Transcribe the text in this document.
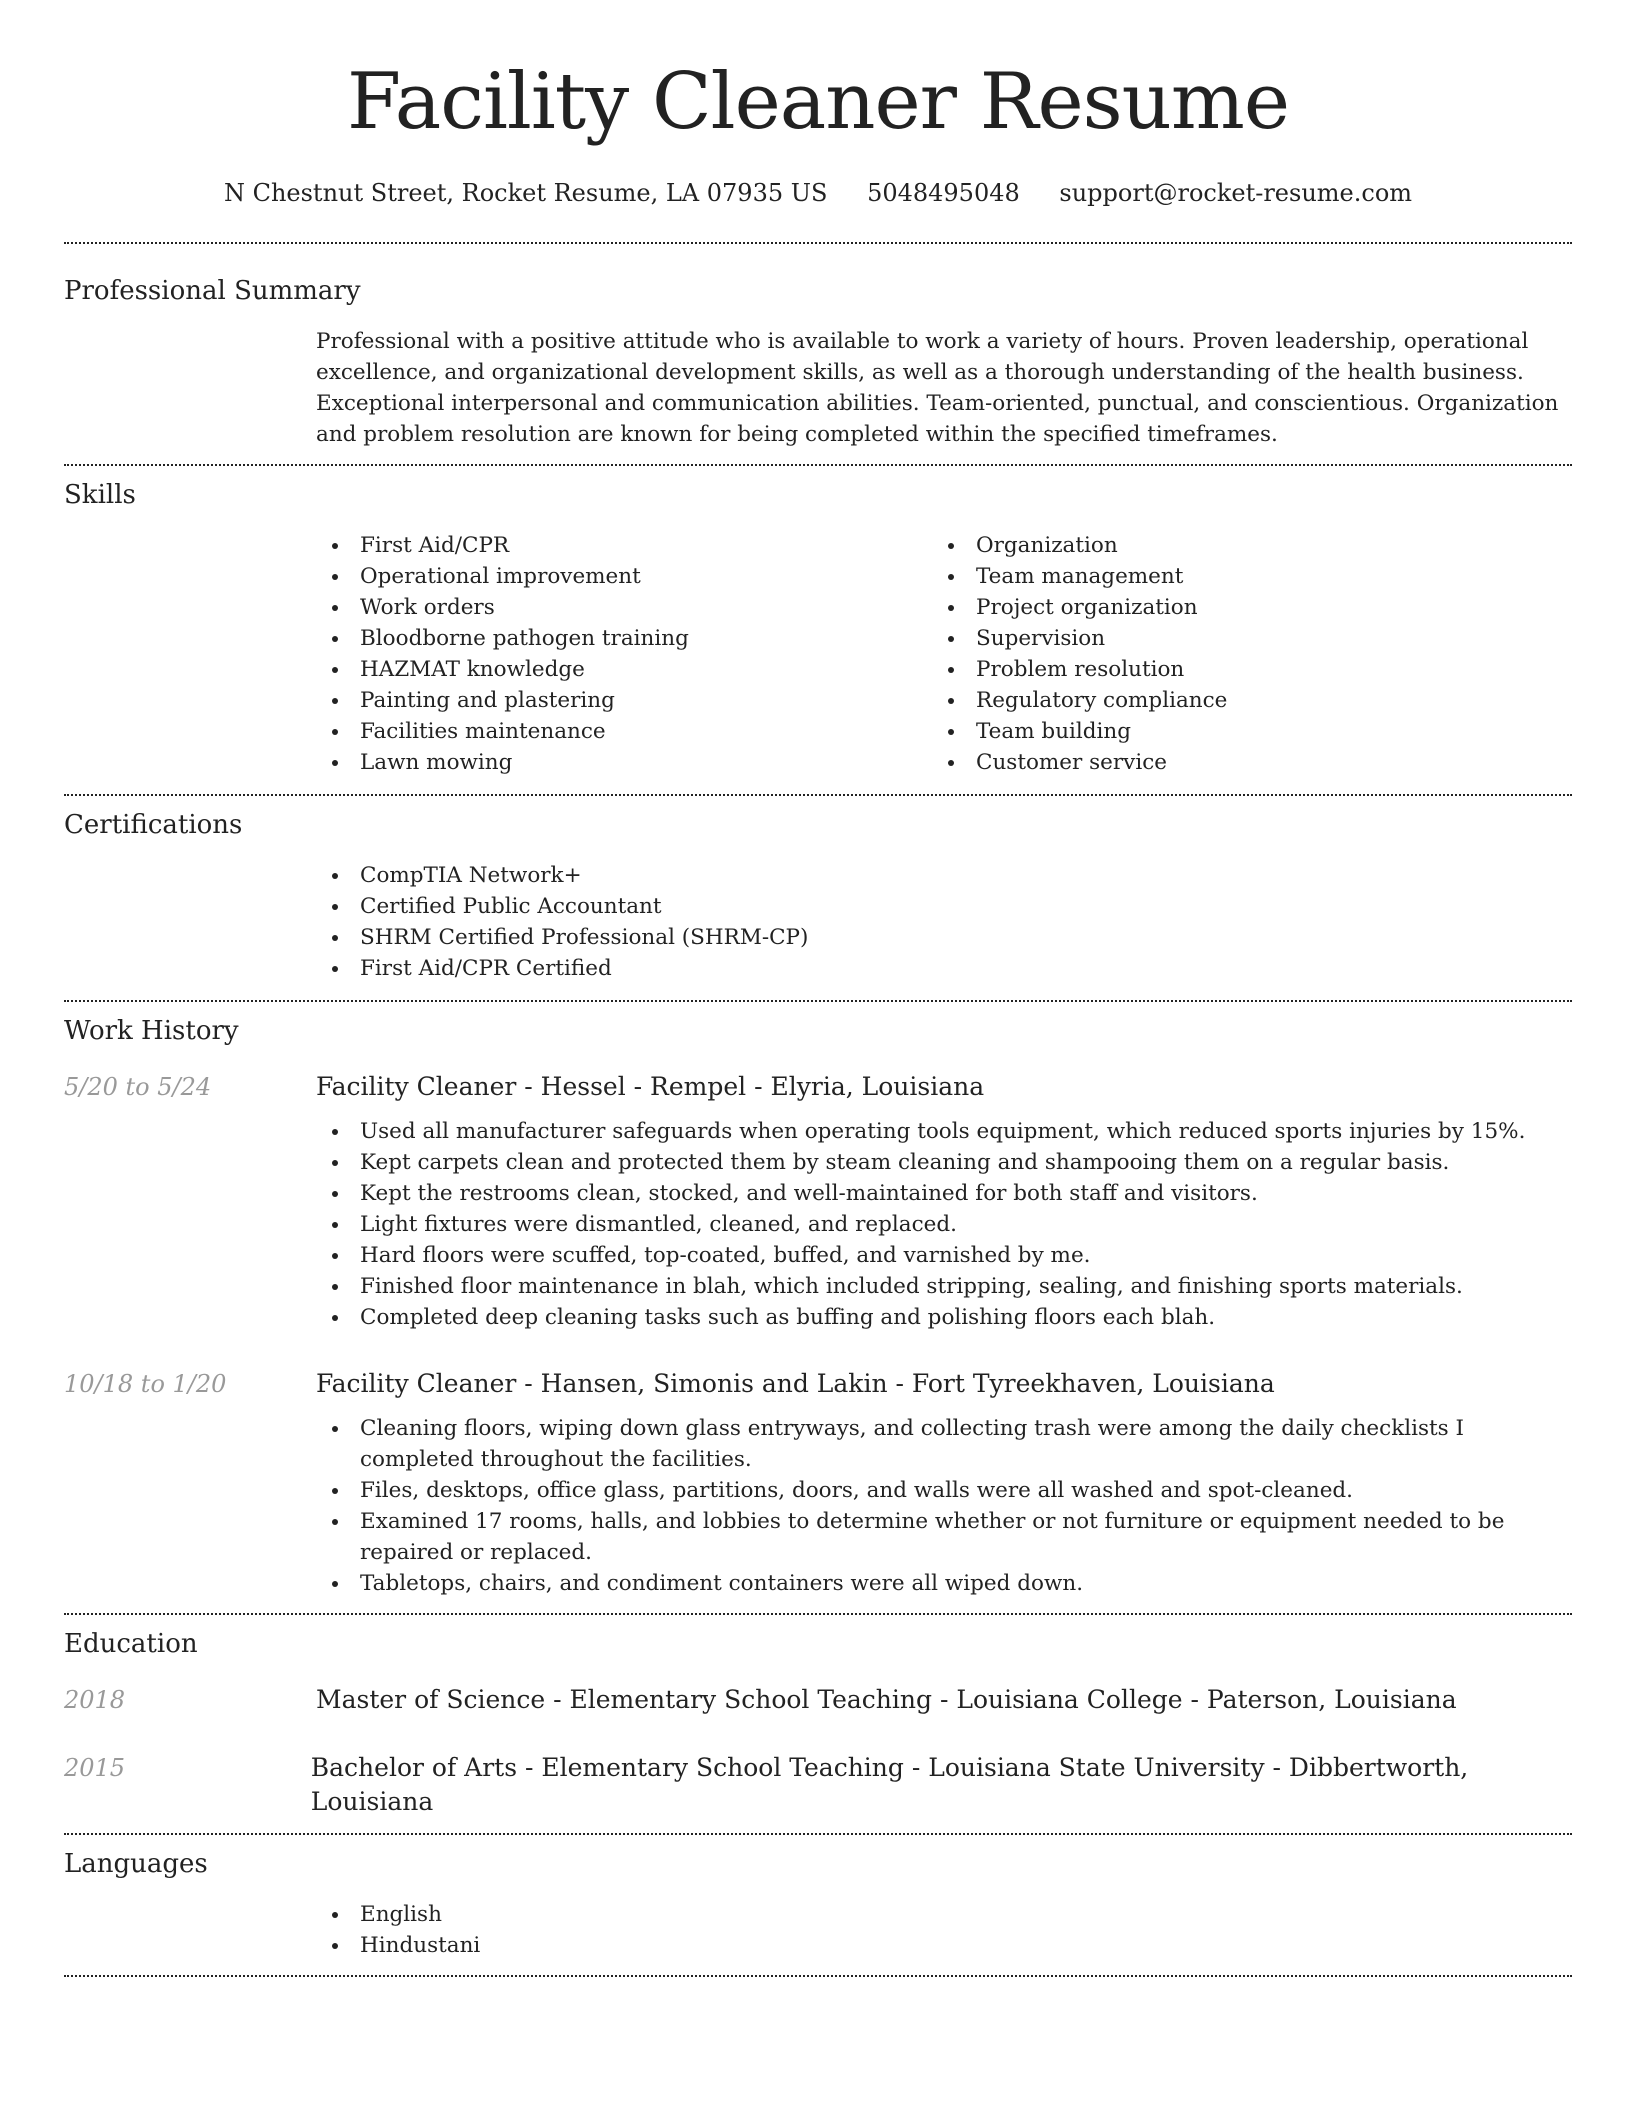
Facility Cleaner Resume
N Chestnut Street, Rocket Resume, LA 07935 US 5048495048 support@rocket-resume.com
Professional Summary

Professional with a positive attitude who is available to work a variety of hours. Proven leadership, operational excellence, and organizational development skills, as well as a thorough understanding of the health business. Exceptional interpersonal and communication abilities. Team-oriented, punctual, and conscientious. Organization and problem resolution are known for being completed within the specified timeframes.

Skills
First Aid/CPR
Operational improvement
Work orders
Bloodborne pathogen training
HAZMAT knowledge
Painting and plastering
Facilities maintenance
Lawn mowing
Organization
Team management
Project organization
Supervision
Problem resolution
Regulatory compliance
Team building
Customer service
Certifications
CompTIA Network+
Certified Public Accountant
SHRM Certified Professional (SHRM-CP)
First Aid/CPR Certified
Work History
5/20 to 5/24	Facility Cleaner - Hessel - Rempel - Elyria, Louisiana
Used all manufacturer safeguards when operating tools equipment, which reduced sports injuries by 15%.
Kept carpets clean and protected them by steam cleaning and shampooing them on a regular basis.
Kept the restrooms clean, stocked, and well-maintained for both staff and visitors.
Light fixtures were dismantled, cleaned, and replaced.
Hard floors were scuffed, top-coated, buffed, and varnished by me.
Finished floor maintenance in blah, which included stripping, sealing, and finishing sports materials.
Completed deep cleaning tasks such as buffing and polishing floors each blah.
10/18 to 1/20	Facility Cleaner - Hansen, Simonis and Lakin - Fort Tyreekhaven, Louisiana
Cleaning floors, wiping down glass entryways, and collecting trash were among the daily checklists I completed throughout the facilities.
Files, desktops, office glass, partitions, doors, and walls were all washed and spot-cleaned.
Examined 17 rooms, halls, and lobbies to determine whether or not furniture or equipment needed to be repaired or replaced.
Tabletops, chairs, and condiment containers were all wiped down.
Education
2018	Master of Science - Elementary School Teaching - Louisiana College - Paterson, Louisiana
2015	Bachelor of Arts - Elementary School Teaching - Louisiana State University - Dibbertworth, Louisiana
Languages
English
Hindustani
